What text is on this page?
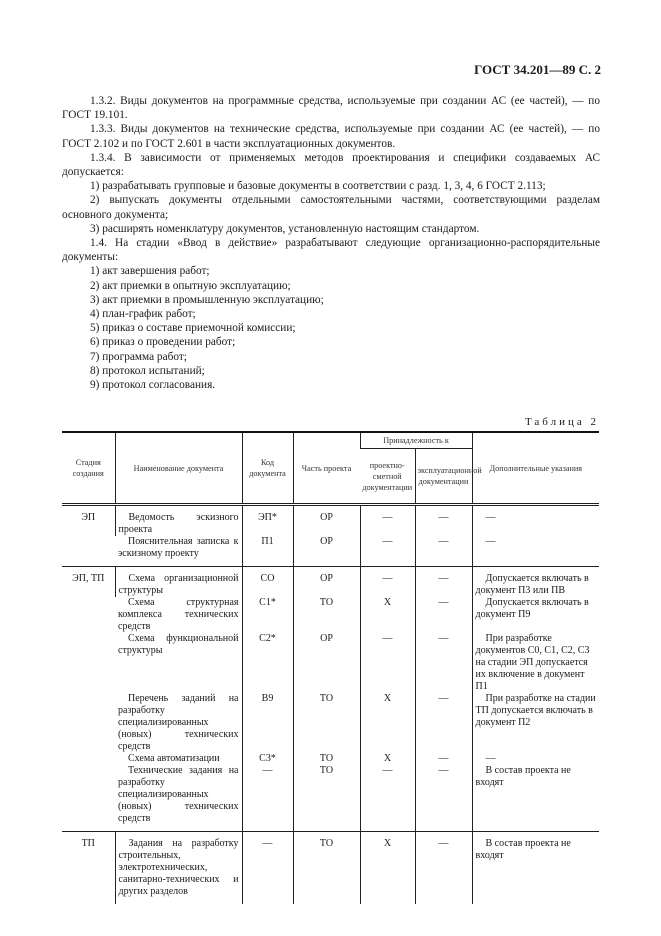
ГОСТ 34.201—89 С. 2

1.3.2. Виды документов на программные средства, используемые при создании АС (ее частей), — по ГОСТ 19.101.

1.3.3. Виды документов на технические средства, используемые при создании АС (ее частей), — по ГОСТ 2.102 и по ГОСТ 2.601 в части эксплуатационных документов.

1.3.4. В зависимости от применяемых методов проектирования и специфики создаваемых АС допускается:

1) разрабатывать групповые и базовые документы в соответствии с разд. 1, 3, 4, 6 ГОСТ 2.113;

2) выпускать документы отдельными самостоятельными частями, соответствующими разделам основного документа;

3) расширять номенклатуру документов, установленную настоящим стандартом.

1.4. На стадии «Ввод в действие» разрабатывают следующие организационно-распорядительные документы:

1) акт завершения работ;

2) акт приемки в опытную эксплуатацию;

3) акт приемки в промышленную эксплуатацию;

4) план-график работ;

5) приказ о составе приемочной комиссии;

6) приказ о проведении работ;

7) программа работ;

8) протокол испытаний;

9) протокол согласования.

Таблица 2
Стадия создания	Наименование документа	Код документа	Часть проекта	Принадлежность к		Дополнительные указания
				проектно-сметной документации	эксплуатационной документации	
ЭП	Ведомость эскизного проекта	ЭП*	ОР	—	—	—
	Пояснительная записка к эскизному проекту	П1	ОР	—	—	—
ЭП, ТП	Схема организационной структуры	СО	ОР	—	—	Допускается включать в документ П3 или ПВ
	Схема структурная комплекса технических средств	С1*	ТО	Х	—	Допускается включать в документ П9
	Схема функциональной структуры	С2*	ОР	—	—	При разработке документов С0, С1, С2, С3 на стадии ЭП допускается их включение в документ П1
	Перечень заданий на разработку специализированных (новых) технических средств	В9	ТО	Х	—	При разработке на стадии ТП допускается включать в документ П2
	Схема автоматизации	С3*	ТО	Х	—	—
	Технические задания на разработку специализированных (новых) технических средств	—	ТО	—	—	В состав проекта не входят
ТП	Задания на разработку строительных, электротехнических, санитарно-технических и других разделов	—	ТО	Х	—	В состав проекта не входят
